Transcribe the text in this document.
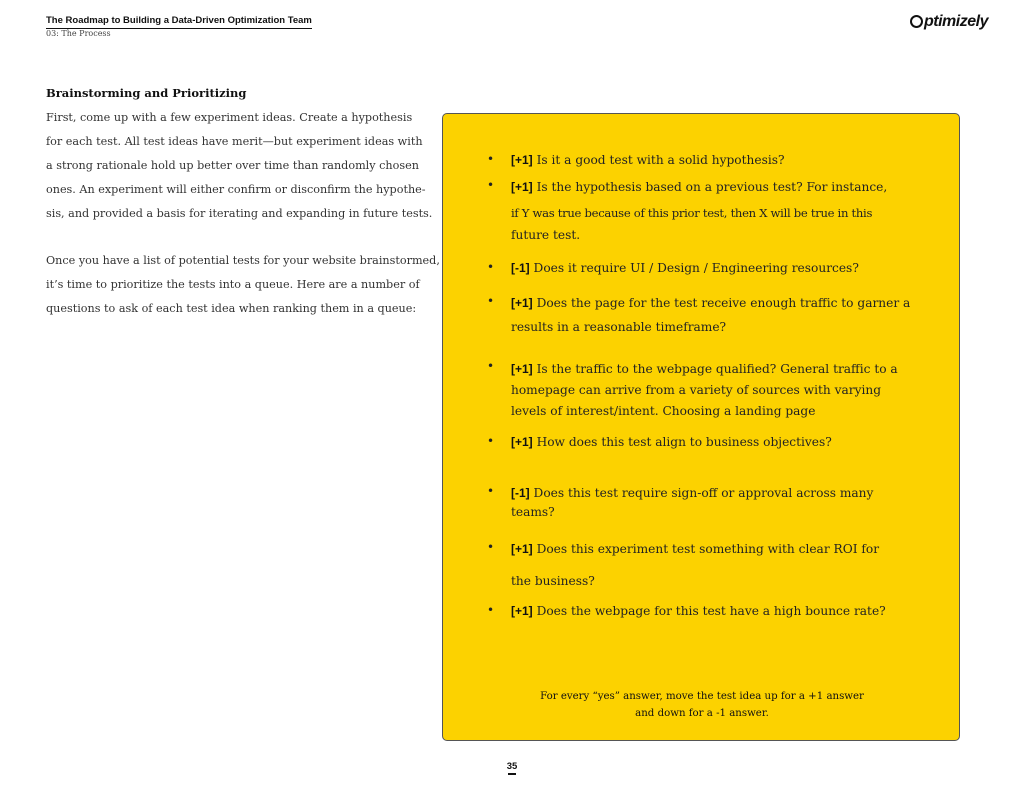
The Roadmap to Building a Data-Driven Optimization Team
03: The Process
ptimizely
Brainstorming and Prioritizing
First, come up with a few experiment ideas. Create a hypothesis
for each test. All test ideas have merit—but experiment ideas with
a strong rationale hold up better over time than randomly chosen
ones. An experiment will either confirm or disconfirm the hypothe-
sis, and provided a basis for iterating and expanding in future tests.
Once you have a list of potential tests for your website brainstormed,
it’s time to prioritize the tests into a queue. Here are a number of
questions to ask of each test idea when ranking them in a queue:
• [+1] Is it a good test with a solid hypothesis?
• [+1] Is the hypothesis based on a previous test? For instance,
if Y was true because of this prior test, then X will be true in this
future test.
• [-1] Does it require UI / Design / Engineering resources?
• [+1] Does the page for the test receive enough traffic to garner a
results in a reasonable timeframe?
• [+1] Is the traffic to the webpage qualified? General traffic to a
homepage can arrive from a variety of sources with varying
levels of interest/intent. Choosing a landing page
• [+1] How does this test align to business objectives?
• [-1] Does this test require sign-off or approval across many
teams?
• [+1] Does this experiment test something with clear ROI for
the business?
• [+1] Does the webpage for this test have a high bounce rate?
For every “yes” answer, move the test idea up for a +1 answer
and down for a -1 answer.
35
